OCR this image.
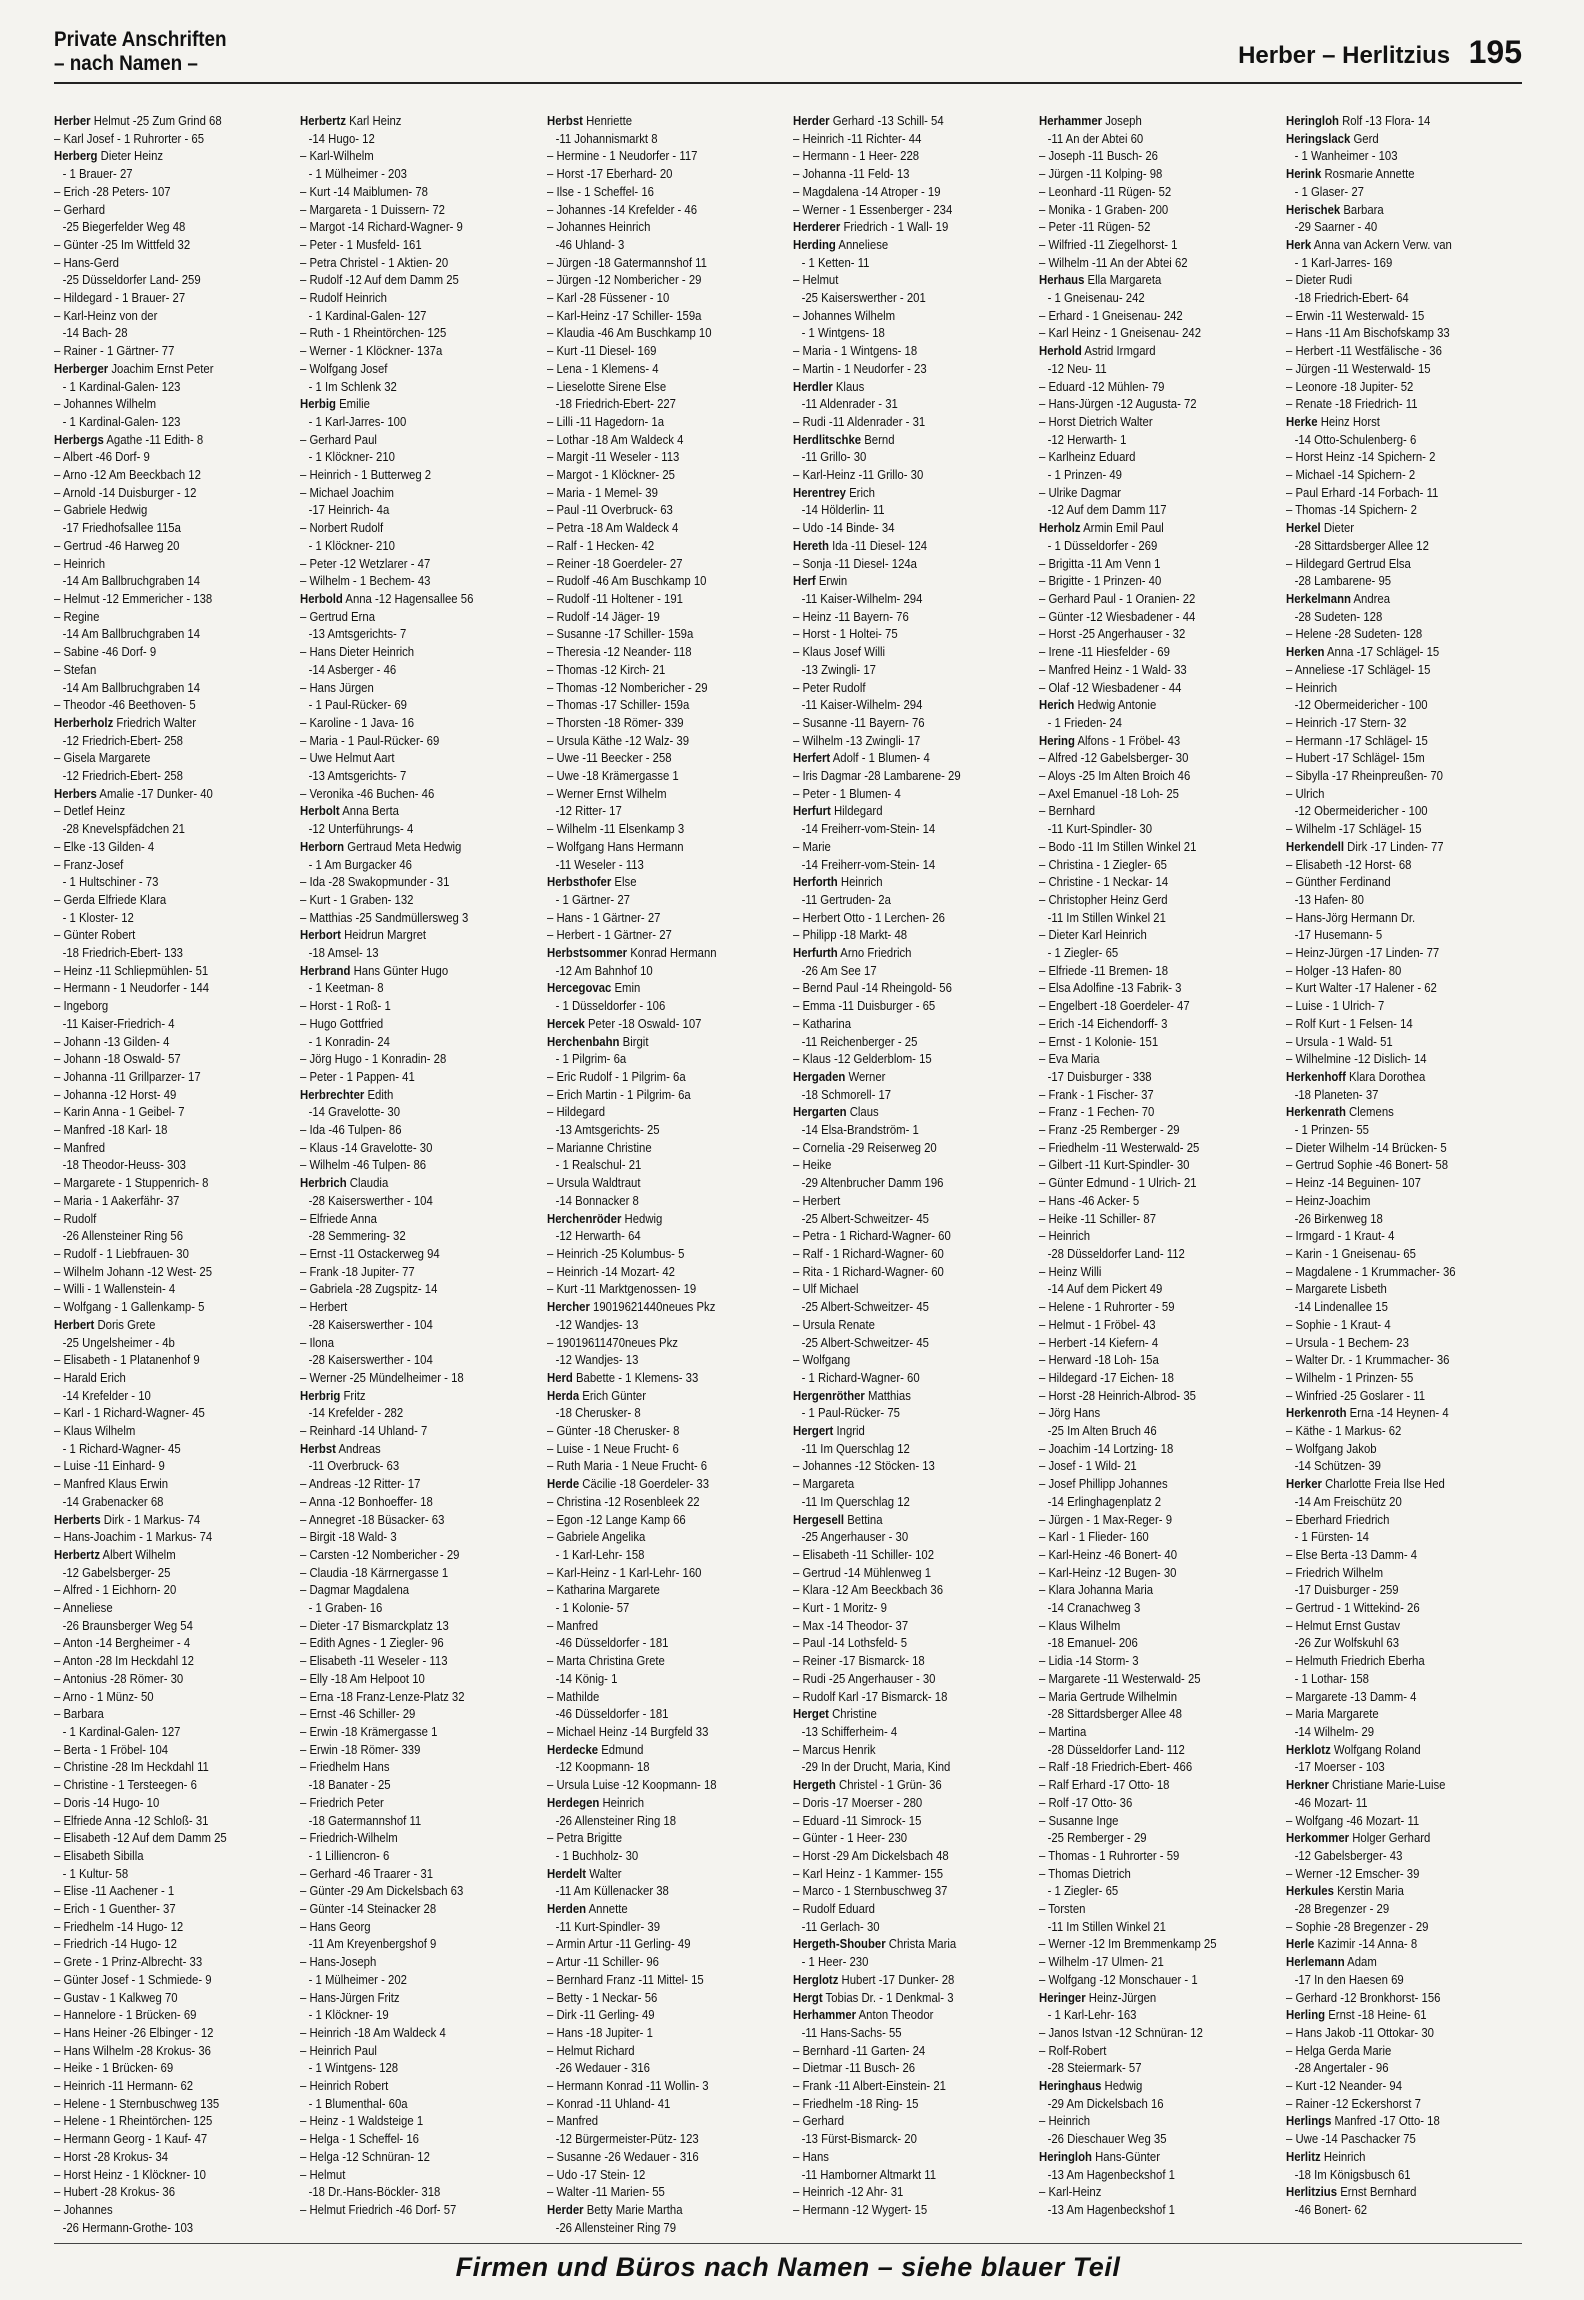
Private Anschriften
– nach Namen –	Herber – Herlitzius 195
Herber Helmut -25 Zum Grind 68
– Karl Josef - 1 Ruhrorter - 65
Herberg Dieter Heinz
- 1 Brauer- 27
– Erich -28 Peters- 107
– Gerhard
-25 Biegerfelder Weg 48
– Günter -25 Im Wittfeld 32
– Hans-Gerd
-25 Düsseldorfer Land- 259
– Hildegard - 1 Brauer- 27
– Karl-Heinz von der
-14 Bach- 28
– Rainer - 1 Gärtner- 77
Herberger Joachim Ernst Peter
- 1 Kardinal-Galen- 123
– Johannes Wilhelm
- 1 Kardinal-Galen- 123
Herbergs Agathe -11 Edith- 8
– Albert -46 Dorf- 9
– Arno -12 Am Beeckbach 12
– Arnold -14 Duisburger - 12
– Gabriele Hedwig
-17 Friedhofsallee 115a
– Gertrud -46 Harweg 20
– Heinrich
-14 Am Ballbruchgraben 14
– Helmut -12 Emmericher - 138
– Regine
-14 Am Ballbruchgraben 14
– Sabine -46 Dorf- 9
– Stefan
-14 Am Ballbruchgraben 14
– Theodor -46 Beethoven- 5
Herberholz Friedrich Walter
-12 Friedrich-Ebert- 258
– Gisela Margarete
-12 Friedrich-Ebert- 258
Herbers Amalie -17 Dunker- 40
– Detlef Heinz
-28 Knevelspfädchen 21
– Elke -13 Gilden- 4
– Franz-Josef
- 1 Hultschiner - 73
– Gerda Elfriede Klara
- 1 Kloster- 12
– Günter Robert
-18 Friedrich-Ebert- 133
– Heinz -11 Schliepmühlen- 51
– Hermann - 1 Neudorfer - 144
– Ingeborg
-11 Kaiser-Friedrich- 4
– Johann -13 Gilden- 4
– Johann -18 Oswald- 57
– Johanna -11 Grillparzer- 17
– Johanna -12 Horst- 49
– Karin Anna - 1 Geibel- 7
– Manfred -18 Karl- 18
– Manfred
-18 Theodor-Heuss- 303
– Margarete - 1 Stuppenrich- 8
– Maria - 1 Aakerfähr- 37
– Rudolf
-26 Allensteiner Ring 56
– Rudolf - 1 Liebfrauen- 30
– Wilhelm Johann -12 West- 25
– Willi - 1 Wallenstein- 4
– Wolfgang - 1 Gallenkamp- 5
Herbert Doris Grete
-25 Ungelsheimer - 4b
– Elisabeth - 1 Platanenhof 9
– Harald Erich
-14 Krefelder - 10
– Karl - 1 Richard-Wagner- 45
– Klaus Wilhelm
- 1 Richard-Wagner- 45
– Luise -11 Einhard- 9
– Manfred Klaus Erwin
-14 Grabenacker 68
Herberts Dirk - 1 Markus- 74
– Hans-Joachim - 1 Markus- 74
Herbertz Albert Wilhelm
-12 Gabelsberger- 25
– Alfred - 1 Eichhorn- 20
– Anneliese
-26 Braunsberger Weg 54
– Anton -14 Bergheimer - 4
– Anton -28 Im Heckdahl 12
– Antonius -28 Römer- 30
– Arno - 1 Münz- 50
– Barbara
- 1 Kardinal-Galen- 127
– Berta - 1 Fröbel- 104
– Christine -28 Im Heckdahl 11
– Christine - 1 Tersteegen- 6
– Doris -14 Hugo- 10
– Elfriede Anna -12 Schloß- 31
– Elisabeth -12 Auf dem Damm 25
– Elisabeth Sibilla
- 1 Kultur- 58
– Elise -11 Aachener - 1
– Erich - 1 Guenther- 37
– Friedhelm -14 Hugo- 12
– Friedrich -14 Hugo- 12
– Grete - 1 Prinz-Albrecht- 33
– Günter Josef - 1 Schmiede- 9
– Gustav - 1 Kalkweg 70
– Hannelore - 1 Brücken- 69
– Hans Heiner -26 Elbinger - 12
– Hans Wilhelm -28 Krokus- 36
– Heike - 1 Brücken- 69
– Heinrich -11 Hermann- 62
– Helene - 1 Sternbuschweg 135
– Helene - 1 Rheintörchen- 125
– Hermann Georg - 1 Kauf- 47
– Horst -28 Krokus- 34
– Horst Heinz - 1 Klöckner- 10
– Hubert -28 Krokus- 36
– Johannes
-26 Hermann-Grothe- 103
Herbertz Karl Heinz
-14 Hugo- 12
– Karl-Wilhelm
- 1 Mülheimer - 203
– Kurt -14 Maiblumen- 78
– Margareta - 1 Duissern- 72
– Margot -14 Richard-Wagner- 9
– Peter - 1 Musfeld- 161
– Petra Christel - 1 Aktien- 20
– Rudolf -12 Auf dem Damm 25
– Rudolf Heinrich
- 1 Kardinal-Galen- 127
– Ruth - 1 Rheintörchen- 125
– Werner - 1 Klöckner- 137a
– Wolfgang Josef
- 1 Im Schlenk 32
Herbig Emilie
- 1 Karl-Jarres- 100
– Gerhard Paul
- 1 Klöckner- 210
– Heinrich - 1 Butterweg 2
– Michael Joachim
-17 Heinrich- 4a
– Norbert Rudolf
- 1 Klöckner- 210
– Peter -12 Wetzlarer - 47
– Wilhelm - 1 Bechem- 43
Herbold Anna -12 Hagensallee 56
– Gertrud Erna
-13 Amtsgerichts- 7
– Hans Dieter Heinrich
-14 Asberger - 46
– Hans Jürgen
- 1 Paul-Rücker- 69
– Karoline - 1 Java- 16
– Maria - 1 Paul-Rücker- 69
– Uwe Helmut Aart
-13 Amtsgerichts- 7
– Veronika -46 Buchen- 46
Herbolt Anna Berta
-12 Unterführungs- 4
Herborn Gertraud Meta Hedwig
- 1 Am Burgacker 46
– Ida -28 Swakopmunder - 31
– Kurt - 1 Graben- 132
– Matthias -25 Sandmüllersweg 3
Herbort Heidrun Margret
-18 Amsel- 13
Herbrand Hans Günter Hugo
- 1 Keetman- 8
– Horst - 1 Roß- 1
– Hugo Gottfried
- 1 Konradin- 24
– Jörg Hugo - 1 Konradin- 28
– Peter - 1 Pappen- 41
Herbrechter Edith
-14 Gravelotte- 30
– Ida -46 Tulpen- 86
– Klaus -14 Gravelotte- 30
– Wilhelm -46 Tulpen- 86
Herbrich Claudia
-28 Kaiserswerther - 104
– Elfriede Anna
-28 Semmering- 32
– Ernst -11 Ostackerweg 94
– Frank -18 Jupiter- 77
– Gabriela -28 Zugspitz- 14
– Herbert
-28 Kaiserswerther - 104
– Ilona
-28 Kaiserswerther - 104
– Werner -25 Mündelheimer - 18
Herbrig Fritz
-14 Krefelder - 282
– Reinhard -14 Uhland- 7
Herbst Andreas
-11 Overbruck- 63
– Andreas -12 Ritter- 17
– Anna -12 Bonhoeffer- 18
– Annegret -18 Büsacker- 63
– Birgit -18 Wald- 3
– Carsten -12 Nombericher - 29
– Claudia -18 Kärrnergasse 1
– Dagmar Magdalena
- 1 Graben- 16
– Dieter -17 Bismarckplatz 13
– Edith Agnes - 1 Ziegler- 96
– Elisabeth -11 Weseler - 113
– Elly -18 Am Helpoot 10
– Erna -18 Franz-Lenze-Platz 32
– Ernst -46 Schiller- 29
– Erwin -18 Krämergasse 1
– Erwin -18 Römer- 339
– Friedhelm Hans
-18 Banater - 25
– Friedrich Peter
-18 Gatermannshof 11
– Friedrich-Wilhelm
- 1 Lilliencron- 6
– Gerhard -46 Traarer - 31
– Günter -29 Am Dickelsbach 63
– Günter -14 Steinacker 28
– Hans Georg
-11 Am Kreyenbergshof 9
– Hans-Joseph
- 1 Mülheimer - 202
– Hans-Jürgen Fritz
- 1 Klöckner- 19
– Heinrich -18 Am Waldeck 4
– Heinrich Paul
- 1 Wintgens- 128
– Heinrich Robert
- 1 Blumenthal- 60a
– Heinz - 1 Waldsteige 1
– Helga - 1 Scheffel- 16
– Helga -12 Schnüran- 12
– Helmut
-18 Dr.-Hans-Böckler- 318
– Helmut Friedrich -46 Dorf- 57
Herbst Henriette
-11 Johannismarkt 8
– Hermine - 1 Neudorfer - 117
– Horst -17 Eberhard- 20
– Ilse - 1 Scheffel- 16
– Johannes -14 Krefelder - 46
– Johannes Heinrich
-46 Uhland- 3
– Jürgen -18 Gatermannshof 11
– Jürgen -12 Nombericher - 29
– Karl -28 Füssener - 10
– Karl-Heinz -17 Schiller- 159a
– Klaudia -46 Am Buschkamp 10
– Kurt -11 Diesel- 169
– Lena - 1 Klemens- 4
– Lieselotte Sirene Else
-18 Friedrich-Ebert- 227
– Lilli -11 Hagedorn- 1a
– Lothar -18 Am Waldeck 4
– Margit -11 Weseler - 113
– Margot - 1 Klöckner- 25
– Maria - 1 Memel- 39
– Paul -11 Overbruck- 63
– Petra -18 Am Waldeck 4
– Ralf - 1 Hecken- 42
– Reiner -18 Goerdeler- 27
– Rudolf -46 Am Buschkamp 10
– Rudolf -11 Holtener - 191
– Rudolf -14 Jäger- 19
– Susanne -17 Schiller- 159a
– Theresia -12 Neander- 118
– Thomas -12 Kirch- 21
– Thomas -12 Nombericher - 29
– Thomas -17 Schiller- 159a
– Thorsten -18 Römer- 339
– Ursula Käthe -12 Walz- 39
– Uwe -11 Beecker - 258
– Uwe -18 Krämergasse 1
– Werner Ernst Wilhelm
-12 Ritter- 17
– Wilhelm -11 Elsenkamp 3
– Wolfgang Hans Hermann
-11 Weseler - 113
Herbsthofer Else
- 1 Gärtner- 27
– Hans - 1 Gärtner- 27
– Herbert - 1 Gärtner- 27
Herbstsommer Konrad Hermann
-12 Am Bahnhof 10
Hercegovac Emin
- 1 Düsseldorfer - 106
Hercek Peter -18 Oswald- 107
Herchenbahn Birgit
- 1 Pilgrim- 6a
– Eric Rudolf - 1 Pilgrim- 6a
– Erich Martin - 1 Pilgrim- 6a
– Hildegard
-13 Amtsgerichts- 25
– Marianne Christine
- 1 Realschul- 21
– Ursula Waldtraut
-14 Bonnacker 8
Herchenröder Hedwig
-12 Herwarth- 64
– Heinrich -25 Kolumbus- 5
– Heinrich -14 Mozart- 42
– Kurt -11 Marktgenossen- 19
Hercher 19019621440neues Pkz
-12 Wandjes- 13
– 19019611470neues Pkz
-12 Wandjes- 13
Herd Babette - 1 Klemens- 33
Herda Erich Günter
-18 Cherusker- 8
– Günter -18 Cherusker- 8
– Luise - 1 Neue Frucht- 6
– Ruth Maria - 1 Neue Frucht- 6
Herde Cäcilie -18 Goerdeler- 33
– Christina -12 Rosenbleek 22
– Egon -12 Lange Kamp 66
– Gabriele Angelika
- 1 Karl-Lehr- 158
– Karl-Heinz - 1 Karl-Lehr- 160
– Katharina Margarete
- 1 Kolonie- 57
– Manfred
-46 Düsseldorfer - 181
– Marta Christina Grete
-14 König- 1
– Mathilde
-46 Düsseldorfer - 181
– Michael Heinz -14 Burgfeld 33
Herdecke Edmund
-12 Koopmann- 18
– Ursula Luise -12 Koopmann- 18
Herdegen Heinrich
-26 Allensteiner Ring 18
– Petra Brigitte
- 1 Buchholz- 30
Herdelt Walter
-11 Am Küllenacker 38
Herden Annette
-11 Kurt-Spindler- 39
– Armin Artur -11 Gerling- 49
– Artur -11 Schiller- 96
– Bernhard Franz -11 Mittel- 15
– Betty - 1 Neckar- 56
– Dirk -11 Gerling- 49
– Hans -18 Jupiter- 1
– Helmut Richard
-26 Wedauer - 316
– Hermann Konrad -11 Wollin- 3
– Konrad -11 Uhland- 41
– Manfred
-12 Bürgermeister-Pütz- 123
– Susanne -26 Wedauer - 316
– Udo -17 Stein- 12
– Walter -11 Marien- 55
Herder Betty Marie Martha
-26 Allensteiner Ring 79
Herder Gerhard -13 Schill- 54
– Heinrich -11 Richter- 44
– Hermann - 1 Heer- 228
– Johanna -11 Feld- 13
– Magdalena -14 Atroper - 19
– Werner - 1 Essenberger - 234
Herderer Friedrich - 1 Wall- 19
Herding Anneliese
- 1 Ketten- 11
– Helmut
-25 Kaiserswerther - 201
– Johannes Wilhelm
- 1 Wintgens- 18
– Maria - 1 Wintgens- 18
– Martin - 1 Neudorfer - 23
Herdler Klaus
-11 Aldenrader - 31
– Rudi -11 Aldenrader - 31
Herdlitschke Bernd
-11 Grillo- 30
– Karl-Heinz -11 Grillo- 30
Herentrey Erich
-14 Hölderlin- 11
– Udo -14 Binde- 34
Hereth Ida -11 Diesel- 124
– Sonja -11 Diesel- 124a
Herf Erwin
-11 Kaiser-Wilhelm- 294
– Heinz -11 Bayern- 76
– Horst - 1 Holtei- 75
– Klaus Josef Willi
-13 Zwingli- 17
– Peter Rudolf
-11 Kaiser-Wilhelm- 294
– Susanne -11 Bayern- 76
– Wilhelm -13 Zwingli- 17
Herfert Adolf - 1 Blumen- 4
– Iris Dagmar -28 Lambarene- 29
– Peter - 1 Blumen- 4
Herfurt Hildegard
-14 Freiherr-vom-Stein- 14
– Marie
-14 Freiherr-vom-Stein- 14
Herforth Heinrich
-11 Gertruden- 2a
– Herbert Otto - 1 Lerchen- 26
– Philipp -18 Markt- 48
Herfurth Arno Friedrich
-26 Am See 17
– Bernd Paul -14 Rheingold- 56
– Emma -11 Duisburger - 65
– Katharina
-11 Reichenberger - 25
– Klaus -12 Gelderblom- 15
Hergaden Werner
-18 Schmorell- 17
Hergarten Claus
-14 Elsa-Brandström- 1
– Cornelia -29 Reiserweg 20
– Heike
-29 Altenbrucher Damm 196
– Herbert
-25 Albert-Schweitzer- 45
– Petra - 1 Richard-Wagner- 60
– Ralf - 1 Richard-Wagner- 60
– Rita - 1 Richard-Wagner- 60
– Ulf Michael
-25 Albert-Schweitzer- 45
– Ursula Renate
-25 Albert-Schweitzer- 45
– Wolfgang
- 1 Richard-Wagner- 60
Hergenröther Matthias
- 1 Paul-Rücker- 75
Hergert Ingrid
-11 Im Querschlag 12
– Johannes -12 Stöcken- 13
– Margareta
-11 Im Querschlag 12
Hergesell Bettina
-25 Angerhauser - 30
– Elisabeth -11 Schiller- 102
– Gertrud -14 Mühlenweg 1
– Klara -12 Am Beeckbach 36
– Kurt - 1 Moritz- 9
– Max -14 Theodor- 37
– Paul -14 Lothsfeld- 5
– Reiner -17 Bismarck- 18
– Rudi -25 Angerhauser - 30
– Rudolf Karl -17 Bismarck- 18
Herget Christine
-13 Schifferheim- 4
– Marcus Henrik
-29 In der Drucht, Maria, Kind
Hergeth Christel - 1 Grün- 36
– Doris -17 Moerser - 280
– Eduard -11 Simrock- 15
– Günter - 1 Heer- 230
– Horst -29 Am Dickelsbach 48
– Karl Heinz - 1 Kammer- 155
– Marco - 1 Sternbuschweg 37
– Rudolf Eduard
-11 Gerlach- 30
Hergeth-Shouber Christa Maria
- 1 Heer- 230
Herglotz Hubert -17 Dunker- 28
Hergt Tobias Dr. - 1 Denkmal- 3
Herhammer Anton Theodor
-11 Hans-Sachs- 55
– Bernhard -11 Garten- 24
– Dietmar -11 Busch- 26
– Frank -11 Albert-Einstein- 21
– Friedhelm -18 Ring- 15
– Gerhard
-13 Fürst-Bismarck- 20
– Hans
-11 Hamborner Altmarkt 11
– Heinrich -12 Ahr- 31
– Hermann -12 Wygert- 15
Herhammer Joseph
-11 An der Abtei 60
– Joseph -11 Busch- 26
– Jürgen -11 Kolping- 98
– Leonhard -11 Rügen- 52
– Monika - 1 Graben- 200
– Peter -11 Rügen- 52
– Wilfried -11 Ziegelhorst- 1
– Wilhelm -11 An der Abtei 62
Herhaus Ella Margareta
- 1 Gneisenau- 242
– Erhard - 1 Gneisenau- 242
– Karl Heinz - 1 Gneisenau- 242
Herhold Astrid Irmgard
-12 Neu- 11
– Eduard -12 Mühlen- 79
– Hans-Jürgen -12 Augusta- 72
– Horst Dietrich Walter
-12 Herwarth- 1
– Karlheinz Eduard
- 1 Prinzen- 49
– Ulrike Dagmar
-12 Auf dem Damm 117
Herholz Armin Emil Paul
- 1 Düsseldorfer - 269
– Brigitta -11 Am Venn 1
– Brigitte - 1 Prinzen- 40
– Gerhard Paul - 1 Oranien- 22
– Günter -12 Wiesbadener - 44
– Horst -25 Angerhauser - 32
– Irene -11 Hiesfelder - 69
– Manfred Heinz - 1 Wald- 33
– Olaf -12 Wiesbadener - 44
Herich Hedwig Antonie
- 1 Frieden- 24
Hering Alfons - 1 Fröbel- 43
– Alfred -12 Gabelsberger- 30
– Aloys -25 Im Alten Broich 46
– Axel Emanuel -18 Loh- 25
– Bernhard
-11 Kurt-Spindler- 30
– Bodo -11 Im Stillen Winkel 21
– Christina - 1 Ziegler- 65
– Christine - 1 Neckar- 14
– Christopher Heinz Gerd
-11 Im Stillen Winkel 21
– Dieter Karl Heinrich
- 1 Ziegler- 65
– Elfriede -11 Bremen- 18
– Elsa Adolfine -13 Fabrik- 3
– Engelbert -18 Goerdeler- 47
– Erich -14 Eichendorff- 3
– Ernst - 1 Kolonie- 151
– Eva Maria
-17 Duisburger - 338
– Frank - 1 Fischer- 37
– Franz - 1 Fechen- 70
– Franz -25 Remberger - 29
– Friedhelm -11 Westerwald- 25
– Gilbert -11 Kurt-Spindler- 30
– Günter Edmund - 1 Ulrich- 21
– Hans -46 Acker- 5
– Heike -11 Schiller- 87
– Heinrich
-28 Düsseldorfer Land- 112
– Heinz Willi
-14 Auf dem Pickert 49
– Helene - 1 Ruhrorter - 59
– Helmut - 1 Fröbel- 43
– Herbert -14 Kiefern- 4
– Herward -18 Loh- 15a
– Hildegard -17 Eichen- 18
– Horst -28 Heinrich-Albrod- 35
– Jörg Hans
-25 Im Alten Bruch 46
– Joachim -14 Lortzing- 18
– Josef - 1 Wild- 21
– Josef Phillipp Johannes
-14 Erlinghagenplatz 2
– Jürgen - 1 Max-Reger- 9
– Karl - 1 Flieder- 160
– Karl-Heinz -46 Bonert- 40
– Karl-Heinz -12 Bugen- 30
– Klara Johanna Maria
-14 Cranachweg 3
– Klaus Wilhelm
-18 Emanuel- 206
– Lidia -14 Storm- 3
– Margarete -11 Westerwald- 25
– Maria Gertrude Wilhelmin
-28 Sittardsberger Allee 48
– Martina
-28 Düsseldorfer Land- 112
– Ralf -18 Friedrich-Ebert- 466
– Ralf Erhard -17 Otto- 18
– Rolf -17 Otto- 36
– Susanne Inge
-25 Remberger - 29
– Thomas - 1 Ruhrorter - 59
– Thomas Dietrich
- 1 Ziegler- 65
– Torsten
-11 Im Stillen Winkel 21
– Werner -12 Im Bremmenkamp 25
– Wilhelm -17 Ulmen- 21
– Wolfgang -12 Monschauer - 1
Heringer Heinz-Jürgen
- 1 Karl-Lehr- 163
– Janos Istvan -12 Schnüran- 12
– Rolf-Robert
-28 Steiermark- 57
Heringhaus Hedwig
-29 Am Dickelsbach 16
– Heinrich
-26 Dieschauer Weg 35
Heringloh Hans-Günter
-13 Am Hagenbeckshof 1
– Karl-Heinz
-13 Am Hagenbeckshof 1
Heringloh Rolf -13 Flora- 14
Heringslack Gerd
- 1 Wanheimer - 103
Herink Rosmarie Annette
- 1 Glaser- 27
Herischek Barbara
-29 Saarner - 40
Herk Anna van Ackern Verw. van
- 1 Karl-Jarres- 169
– Dieter Rudi
-18 Friedrich-Ebert- 64
– Erwin -11 Westerwald- 15
– Hans -11 Am Bischofskamp 33
– Herbert -11 Westfälische - 36
– Jürgen -11 Westerwald- 15
– Leonore -18 Jupiter- 52
– Renate -18 Friedrich- 11
Herke Heinz Horst
-14 Otto-Schulenberg- 6
– Horst Heinz -14 Spichern- 2
– Michael -14 Spichern- 2
– Paul Erhard -14 Forbach- 11
– Thomas -14 Spichern- 2
Herkel Dieter
-28 Sittardsberger Allee 12
– Hildegard Gertrud Elsa
-28 Lambarene- 95
Herkelmann Andrea
-28 Sudeten- 128
– Helene -28 Sudeten- 128
Herken Anna -17 Schlägel- 15
– Anneliese -17 Schlägel- 15
– Heinrich
-12 Obermeidericher - 100
– Heinrich -17 Stern- 32
– Hermann -17 Schlägel- 15
– Hubert -17 Schlägel- 15m
– Sibylla -17 Rheinpreußen- 70
– Ulrich
-12 Obermeidericher - 100
– Wilhelm -17 Schlägel- 15
Herkendell Dirk -17 Linden- 77
– Elisabeth -12 Horst- 68
– Günther Ferdinand
-13 Hafen- 80
– Hans-Jörg Hermann Dr.
-17 Husemann- 5
– Heinz-Jürgen -17 Linden- 77
– Holger -13 Hafen- 80
– Kurt Walter -17 Halener - 62
– Luise - 1 Ulrich- 7
– Rolf Kurt - 1 Felsen- 14
– Ursula - 1 Wald- 51
– Wilhelmine -12 Dislich- 14
Herkenhoff Klara Dorothea
-18 Planeten- 37
Herkenrath Clemens
- 1 Prinzen- 55
– Dieter Wilhelm -14 Brücken- 5
– Gertrud Sophie -46 Bonert- 58
– Heinz -14 Beguinen- 107
– Heinz-Joachim
-26 Birkenweg 18
– Irmgard - 1 Kraut- 4
– Karin - 1 Gneisenau- 65
– Magdalene - 1 Krummacher- 36
– Margarete Lisbeth
-14 Lindenallee 15
– Sophie - 1 Kraut- 4
– Ursula - 1 Bechem- 23
– Walter Dr. - 1 Krummacher- 36
– Wilhelm - 1 Prinzen- 55
– Winfried -25 Goslarer - 11
Herkenroth Erna -14 Heynen- 4
– Käthe - 1 Markus- 62
– Wolfgang Jakob
-14 Schützen- 39
Herker Charlotte Freia Ilse Hed
-14 Am Freischütz 20
– Eberhard Friedrich
- 1 Fürsten- 14
– Else Berta -13 Damm- 4
– Friedrich Wilhelm
-17 Duisburger - 259
– Gertrud - 1 Wittekind- 26
– Helmut Ernst Gustav
-26 Zur Wolfskuhl 63
– Helmuth Friedrich Eberha
- 1 Lothar- 158
– Margarete -13 Damm- 4
– Maria Margarete
-14 Wilhelm- 29
Herklotz Wolfgang Roland
-17 Moerser - 103
Herkner Christiane Marie-Luise
-46 Mozart- 11
– Wolfgang -46 Mozart- 11
Herkommer Holger Gerhard
-12 Gabelsberger- 43
– Werner -12 Emscher- 39
Herkules Kerstin Maria
-28 Bregenzer - 29
– Sophie -28 Bregenzer - 29
Herle Kazimir -14 Anna- 8
Herlemann Adam
-17 In den Haesen 69
– Gerhard -12 Bronkhorst- 156
Herling Ernst -18 Heine- 61
– Hans Jakob -11 Ottokar- 30
– Helga Gerda Marie
-28 Angertaler - 96
– Kurt -12 Neander- 94
– Rainer -12 Eckershorst 7
Herlings Manfred -17 Otto- 18
– Uwe -14 Paschacker 75
Herlitz Heinrich
-18 Im Königsbusch 61
Herlitzius Ernst Bernhard
-46 Bonert- 62
Firmen und Büros nach Namen – siehe blauer Teil
